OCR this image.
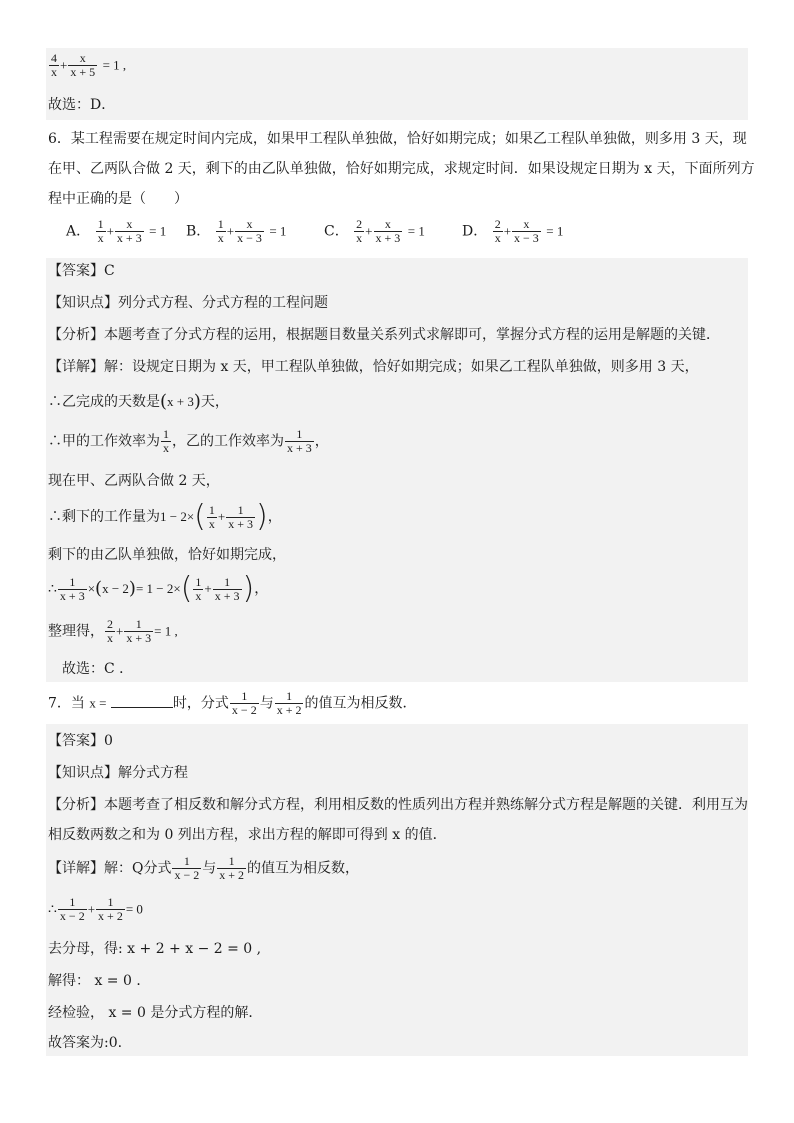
$\frac{4}{x} + \frac{x}{x + 5} = 1$ ,
故选：D．
6．某工程需要在规定时间内完成，如果甲工程队单独做，恰好如期完成；如果乙工程队单独做，则多用 3 天，现
在甲、乙两队合做 2 天，剩下的由乙队单独做，恰好如期完成，求规定时间．如果设规定日期为 x 天，下面所列方
程中正确的是（　　）
A． $\frac{1}{x} + \frac{x}{x + 3} = 1$ B． $\frac{1}{x} + \frac{x}{x - 3} = 1$	C． $\frac{2}{x} + \frac{x}{x + 3} = 1$	D． $\frac{2}{x} + \frac{x}{x - 3} = 1$
【答案】C
【知识点】列分式方程、分式方程的工程问题
【分析】本题考查了分式方程的运用，根据题目数量关系列式求解即可，掌握分式方程的运用是解题的关键．
【详解】解：设规定日期为 x 天，甲工程队单独做，恰好如期完成；如果乙工程队单独做，则多用 3 天，
∴乙完成的天数是(x + 3)天，
∴甲的工作效率为 $\frac{1}{x}$ ，乙的工作效率为 $\frac{1}{x + 3}$ ，
现在甲、乙两队合做 2 天，
∴剩下的工作量为$1 - 2\times( \frac{1}{x} + \frac{1}{x + 3}$ )，
剩下的由乙队单独做，恰好如期完成，
∴ $\frac{1}{x + 3} \times(x - 2)= 1 - 2\times( \frac{1}{x} + \frac{1}{x + 3}$ )，
整理得， $\frac{2}{x} + \frac{1}{x + 3} = 1$ ,
故选：C ．
7．当 x =	时，分式 $\frac{1}{x - 2}$ 与 $\frac{1}{x + 2}$ 的值互为相反数．
【答案】0
【知识点】解分式方程
【分析】本题考查了相反数和解分式方程，利用相反数的性质列出方程并熟练解分式方程是解题的关键．利用互为
相反数两数之和为 0 列出方程，求出方程的解即可得到 x 的值．
【详解】解：Q分式 $\frac{1}{x - 2}$ 与 $\frac{1}{x + 2}$ 的值互为相反数，
∴ $\frac{1}{x - 2} + \frac{1}{x + 2} = 0$
去分母，得: x + 2 + x − 2 = 0 ,
解得： x = 0 ．
经检验， x = 0 是分式方程的解．
故答案为:0.
